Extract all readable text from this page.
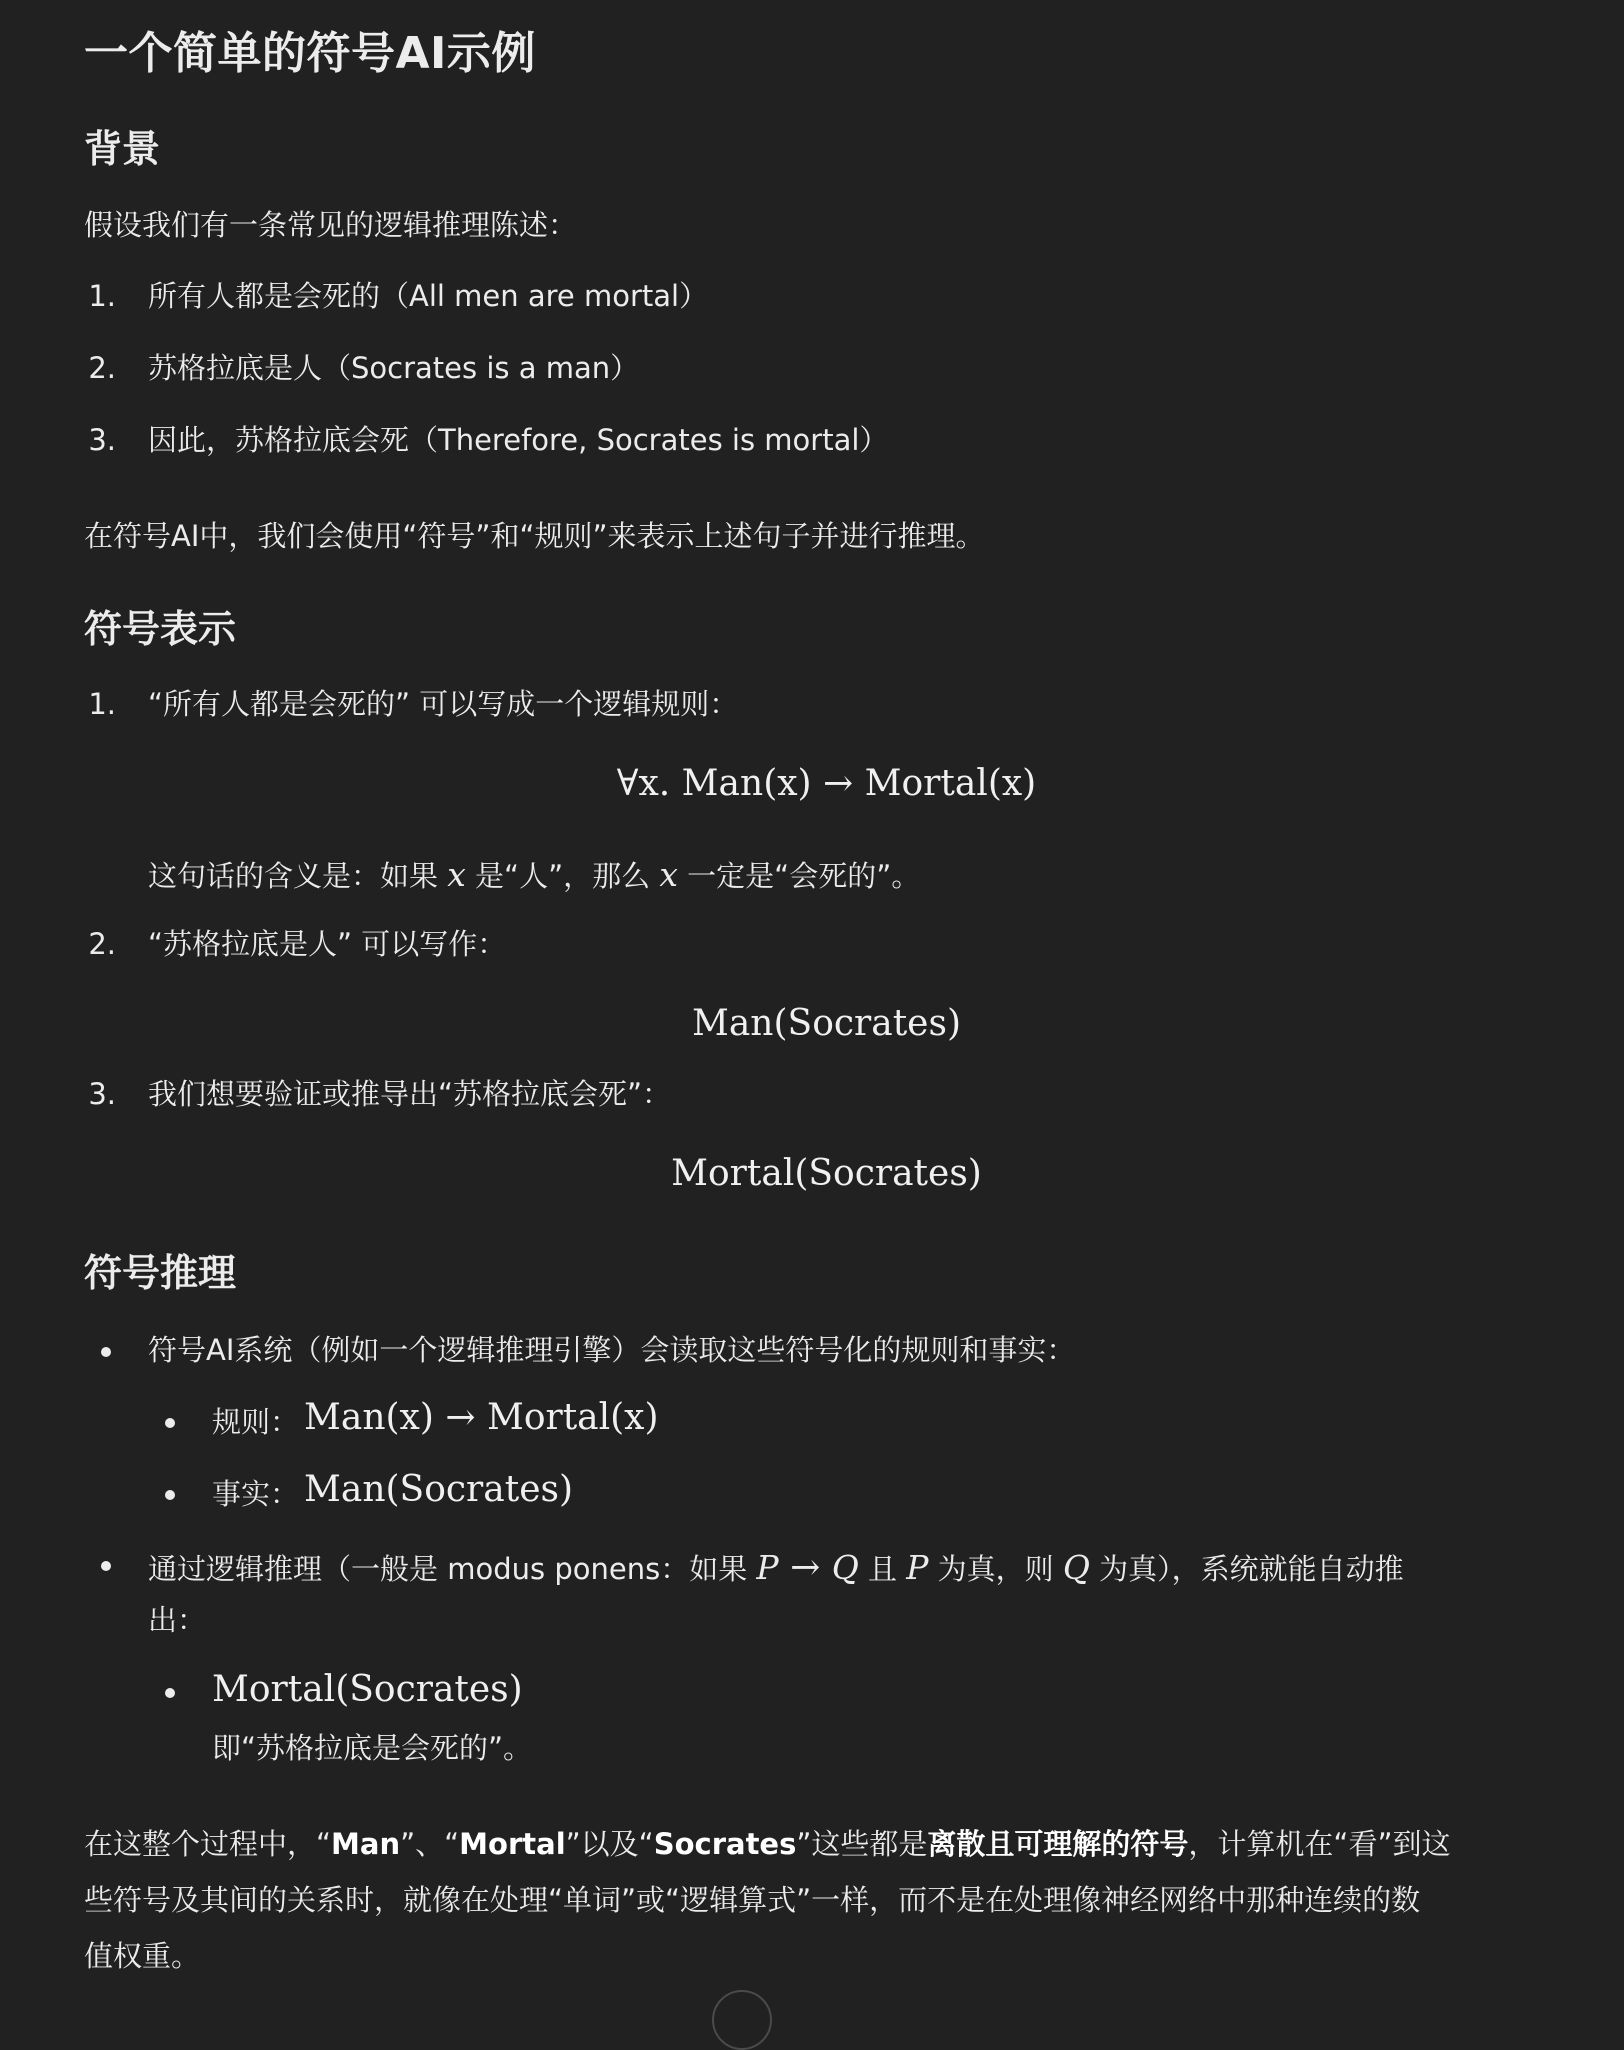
一个简单的符号AI示例
背景
假设我们有一条常见的逻辑推理陈述：
1. 所有人都是会死的（All men are mortal）
2. 苏格拉底是人（Socrates is a man）
3. 因此，苏格拉底会死（Therefore, Socrates is mortal）
在符号AI中，我们会使用“符号”和“规则”来表示上述句子并进行推理。
符号表示
1. “所有人都是会死的” 可以写成一个逻辑规则：
∀x. Man(x) → Mortal(x)
这句话的含义是：如果 x 是“人”，那么 x 一定是“会死的”。
2. “苏格拉底是人” 可以写作：
Man(Socrates)
3. 我们想要验证或推导出“苏格拉底会死”：
Mortal(Socrates)
符号推理
符号AI系统（例如一个逻辑推理引擎）会读取这些符号化的规则和事实：
规则： Man(x) → Mortal(x)
事实： Man(Socrates)
通过逻辑推理（一般是 modus ponens：如果 P → Q 且 P 为真，则 Q 为真），系统就能自动推
出：
Mortal(Socrates)
即“苏格拉底是会死的”。
在这整个过程中，“Man”、“Mortal”以及“Socrates”这些都是离散且可理解的符号，计算机在“看”到这
些符号及其间的关系时，就像在处理“单词”或“逻辑算式”一样，而不是在处理像神经网络中那种连续的数
值权重。
